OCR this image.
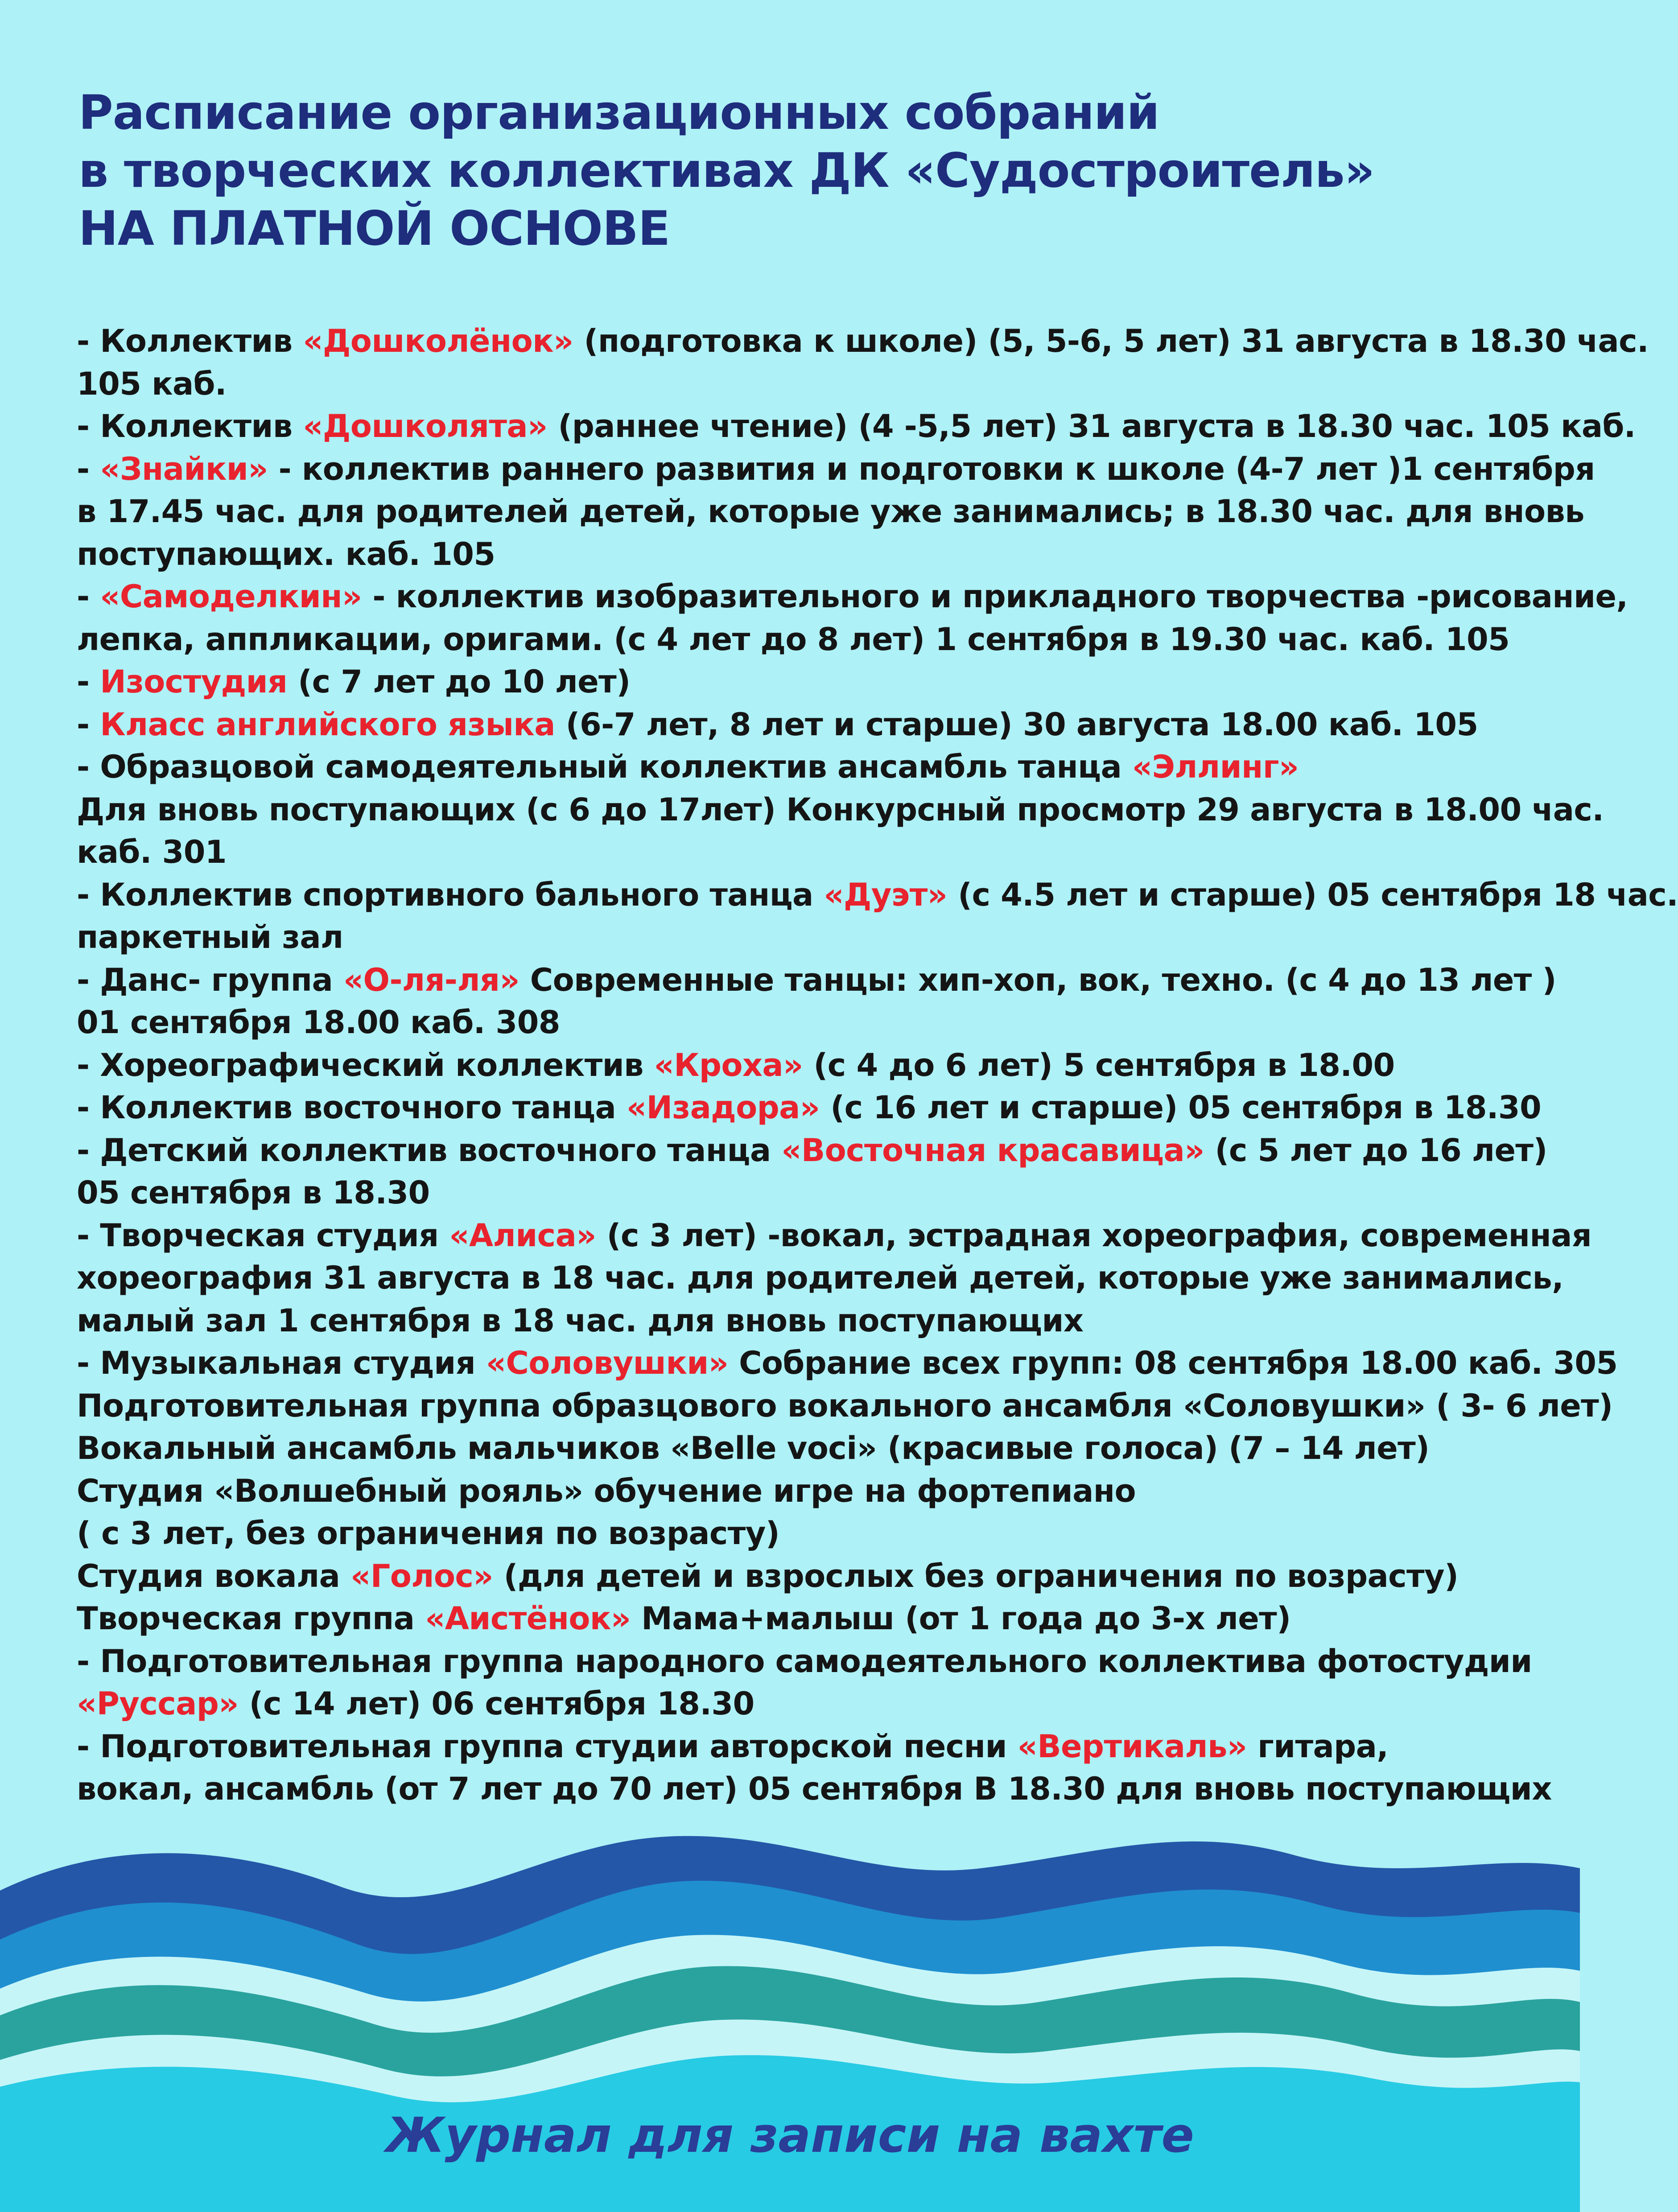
Расписание организационных собраний
в творческих коллективах ДК «Судостроитель»
НА ПЛАТНОЙ ОСНОВЕ
- Коллектив «Дошколёнок» (подготовка к школе) (5, 5-6, 5 лет) 31 августа в 18.30 час.
105 каб.
- Коллектив «Дошколята» (раннее чтение) (4 -5,5 лет) 31 августа в 18.30 час. 105 каб.
- «Знайки» - коллектив раннего развития и подготовки к школе (4-7 лет )1 сентября
в 17.45 час. для родителей детей, которые уже занимались; в 18.30 час. для вновь
поступающих. каб. 105
- «Самоделкин» - коллектив изобразительного и прикладного творчества -рисование,
лепка, аппликации, оригами. (с 4 лет до 8 лет) 1 сентября в 19.30 час. каб. 105
- Изостудия (с 7 лет до 10 лет)
- Класс английского языка (6-7 лет, 8 лет и старше) 30 августа 18.00 каб. 105
- Образцовой самодеятельный коллектив ансамбль танца «Эллинг»
Для вновь поступающих (с 6 до 17лет) Конкурсный просмотр 29 августа в 18.00 час.
каб. 301
- Коллектив спортивного бального танца «Дуэт» (с 4.5 лет и старше) 05 сентября 18 час.
паркетный зал
- Данс- группа «О-ля-ля» Современные танцы: хип-хоп, вок, техно. (с 4 до 13 лет )
01 сентября 18.00 каб. 308
- Хореографический коллектив «Кроха» (с 4 до 6 лет) 5 сентября в 18.00
- Коллектив восточного танца «Изадора» (с 16 лет и старше) 05 сентября в 18.30
- Детский коллектив восточного танца «Восточная красавица» (с 5 лет до 16 лет)
05 сентября в 18.30
- Творческая студия «Алиса» (с 3 лет) -вокал, эстрадная хореография, современная
хореография 31 августа в 18 час. для родителей детей, которые уже занимались,
малый зал 1 сентября в 18 час. для вновь поступающих
- Музыкальная студия «Соловушки» Собрание всех групп: 08 сентября 18.00 каб. 305
Подготовительная группа образцового вокального ансамбля «Соловушки» ( 3- 6 лет)
Вокальный ансамбль мальчиков «Belle voci» (красивые голоса) (7 – 14 лет)
Студия «Волшебный рояль» обучение игре на фортепиано
( с 3 лет, без ограничения по возрасту)
Студия вокала «Голос» (для детей и взрослых без ограничения по возрасту)
Творческая группа «Аистёнок» Мама+малыш (от 1 года до 3-х лет)
- Подготовительная группа народного самодеятельного коллектива фотостудии
«Руссар» (с 14 лет) 06 сентября 18.30
- Подготовительная группа студии авторской песни «Вертикаль» гитара,
вокал, ансамбль (от 7 лет до 70 лет) 05 сентября В 18.30 для вновь поступающих
Журнал для записи на вахте
